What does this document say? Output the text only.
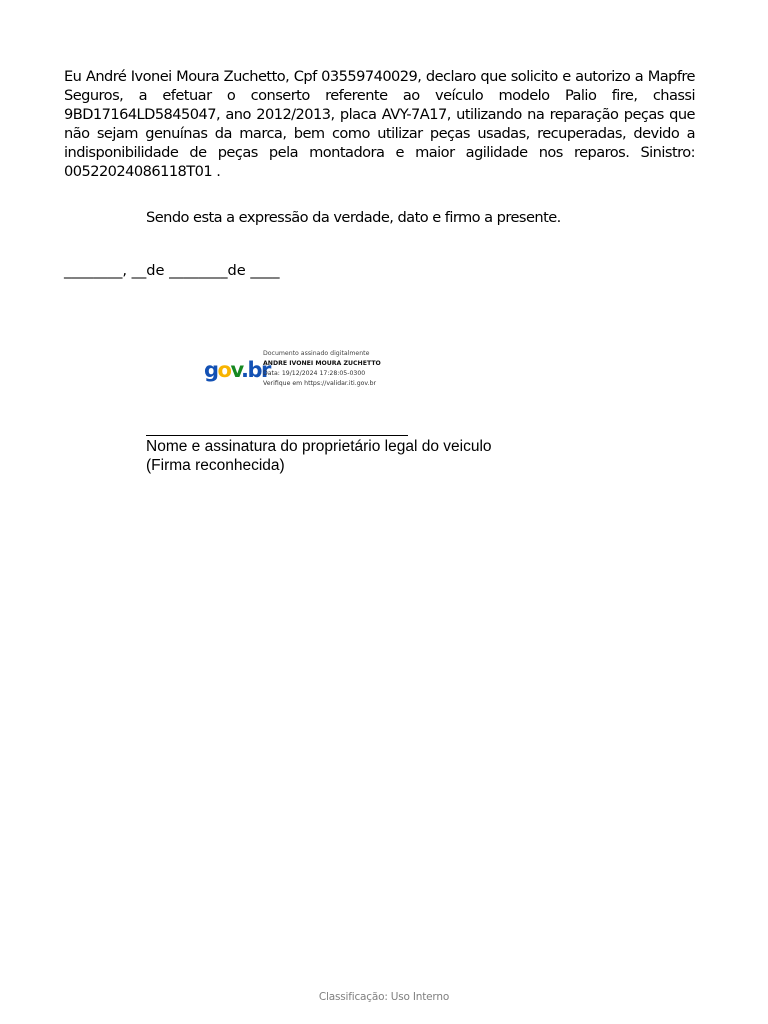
Eu André Ivonei Moura Zuchetto, Cpf 03559740029, declaro que solicito e autorizo a Mapfre Seguros, a efetuar o conserto referente ao veículo modelo Palio fire, chassi 9BD17164LD5845047, ano 2012/2013, placa AVY-7A17, utilizando na reparação peças que não sejam genuínas da marca, bem como utilizar peças usadas, recuperadas, devido a indisponibilidade de peças pela montadora e maior agilidade nos reparos. Sinistro: 00522024086118T01 .

Sendo esta a expressão da verdade, dato e firmo a presente.

________, __de ________de ____

gov.br
Documento assinado digitalmente
ANDRE IVONEI MOURA ZUCHETTO
Data: 19/12/2024 17:28:05-0300
Verifique em https://validar.iti.gov.br
Nome e assinatura do proprietário legal do veiculo
(Firma reconhecida)
Classificação: Uso Interno
